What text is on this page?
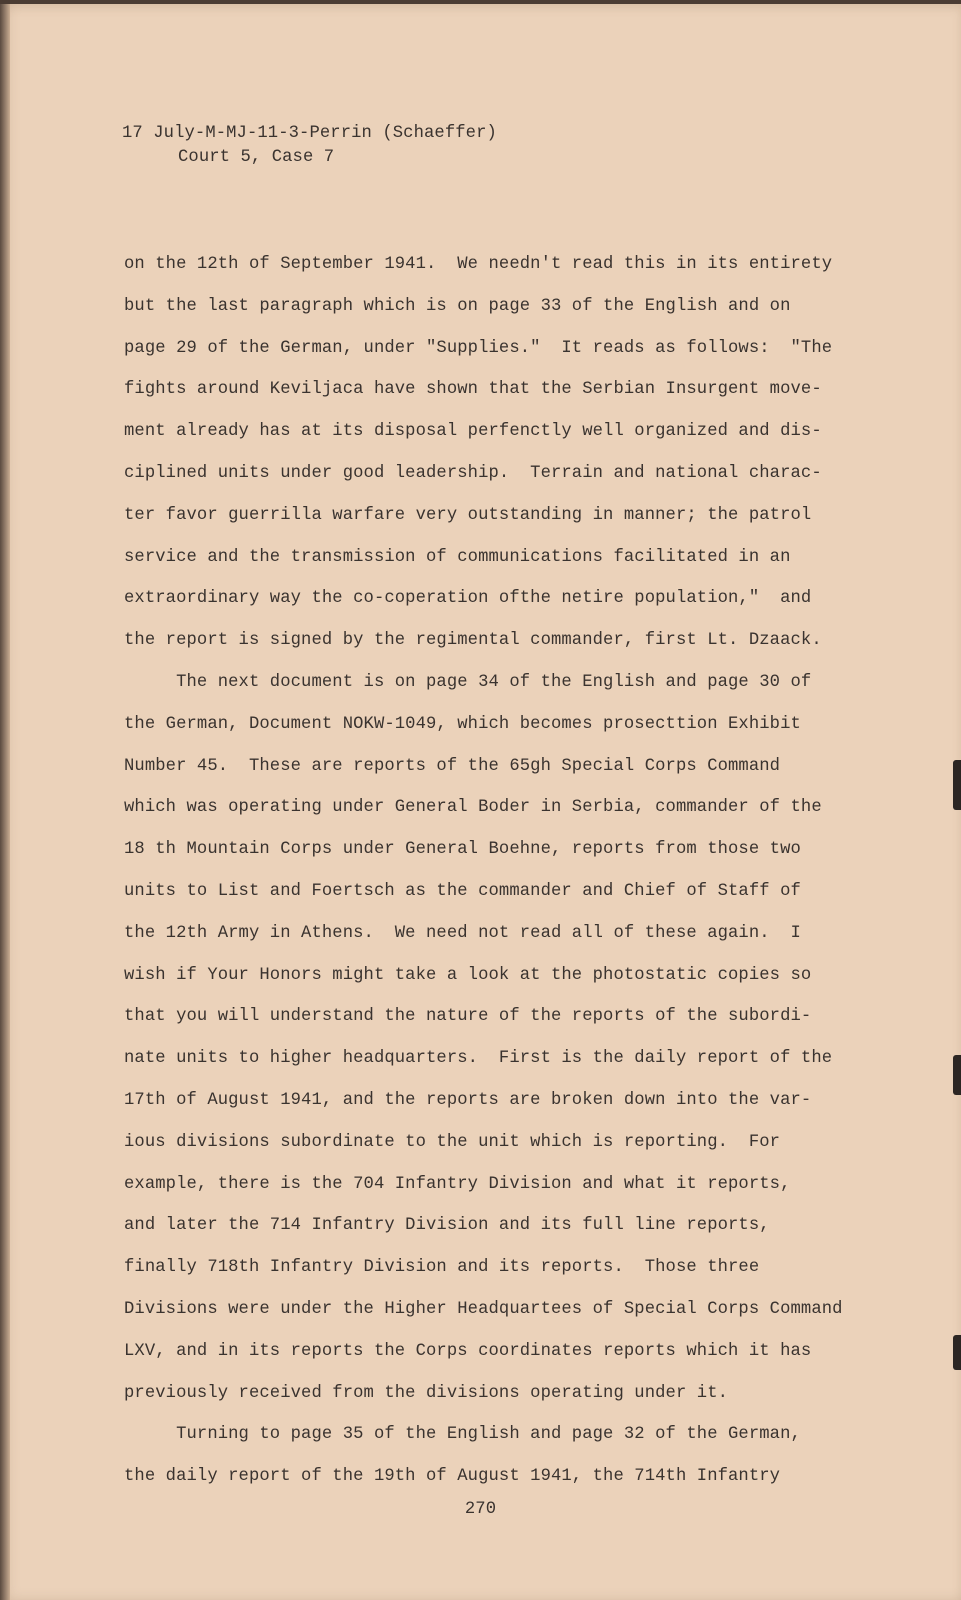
17 July-M-MJ-11-3-Perrin (Schaeffer)
Court 5, Case 7
on the 12th of September 1941.  We needn't read this in its entirety
but the last paragraph which is on page 33 of the English and on
page 29 of the German, under "Supplies."  It reads as follows:  "The
fights around Keviljaca have shown that the Serbian Insurgent move-
ment already has at its disposal perfenctly well organized and dis-
ciplined units under good leadership.  Terrain and national charac-
ter favor guerrilla warfare very outstanding in manner; the patrol
service and the transmission of communications facilitated in an
extraordinary way the co-coperation ofthe netire population,"  and
the report is signed by the regimental commander, first Lt. Dzaack.
The next document is on page 34 of the English and page 30 of
the German, Document NOKW-1049, which becomes prosecttion Exhibit
Number 45.  These are reports of the 65gh Special Corps Command
which was operating under General Boder in Serbia, commander of the
18 th Mountain Corps under General Boehne, reports from those two
units to List and Foertsch as the commander and Chief of Staff of
the 12th Army in Athens.  We need not read all of these again.  I
wish if Your Honors might take a look at the photostatic copies so
that you will understand the nature of the reports of the subordi-
nate units to higher headquarters.  First is the daily report of the
17th of August 1941, and the reports are broken down into the var-
ious divisions subordinate to the unit which is reporting.  For
example, there is the 704 Infantry Division and what it reports,
and later the 714 Infantry Division and its full line reports,
finally 718th Infantry Division and its reports.  Those three
Divisions were under the Higher Headquartees of Special Corps Command
LXV, and in its reports the Corps coordinates reports which it has
previously received from the divisions operating under it.
Turning to page 35 of the English and page 32 of the German,
the daily report of the 19th of August 1941, the 714th Infantry
270
